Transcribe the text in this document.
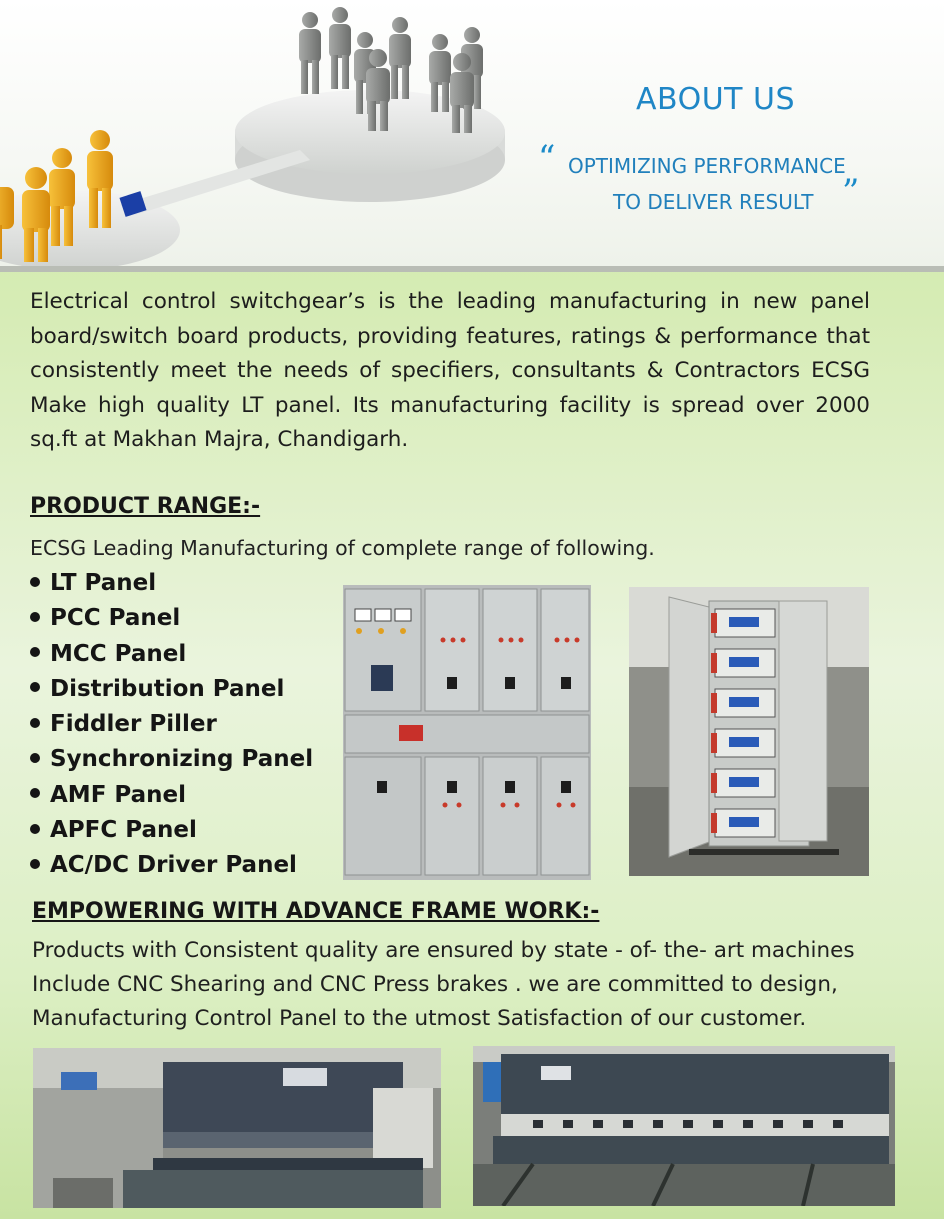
ABOUT US
“ OPTIMIZING PERFORMANCE
TO DELIVER RESULT ”
Electrical control switchgear’s is the leading manufacturing in new panel board/switch board products, providing features, ratings & performance that consistently meet the needs of specifiers, consultants & Contractors ECSG Make high quality LT panel. Its manufacturing facility is spread over 2000 sq.ft at Makhan Majra, Chandigarh.
PRODUCT RANGE:-
ECSG Leading Manufacturing of complete range of following.
LT Panel
PCC Panel
MCC Panel
Distribution Panel
Fiddler Piller
Synchronizing Panel
AMF Panel
APFC Panel
AC/DC Driver Panel
EMPOWERING WITH ADVANCE FRAME WORK:-
Products with Consistent quality are ensured by state - of- the- art machines
Include CNC Shearing and CNC Press brakes . we are committed to design,
Manufacturing Control Panel to the utmost Satisfaction of our customer.
